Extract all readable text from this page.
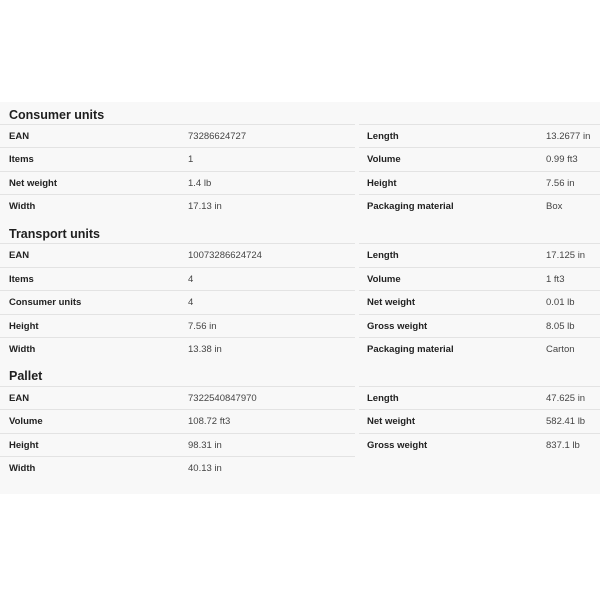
Consumer units
EAN	73286624727
Items	1
Net weight	1.4 lb
Width	17.13 in
Length	13.2677 in
Volume	0.99 ft3
Height	7.56 in
Packaging material	Box
Transport units
EAN	10073286624724
Items	4
Consumer units	4
Height	7.56 in
Width	13.38 in
Length	17.125 in
Volume	1 ft3
Net weight	0.01 lb
Gross weight	8.05 lb
Packaging material	Carton
Pallet
EAN	7322540847970
Volume	108.72 ft3
Height	98.31 in
Width	40.13 in
Length	47.625 in
Net weight	582.41 lb
Gross weight	837.1 lb
